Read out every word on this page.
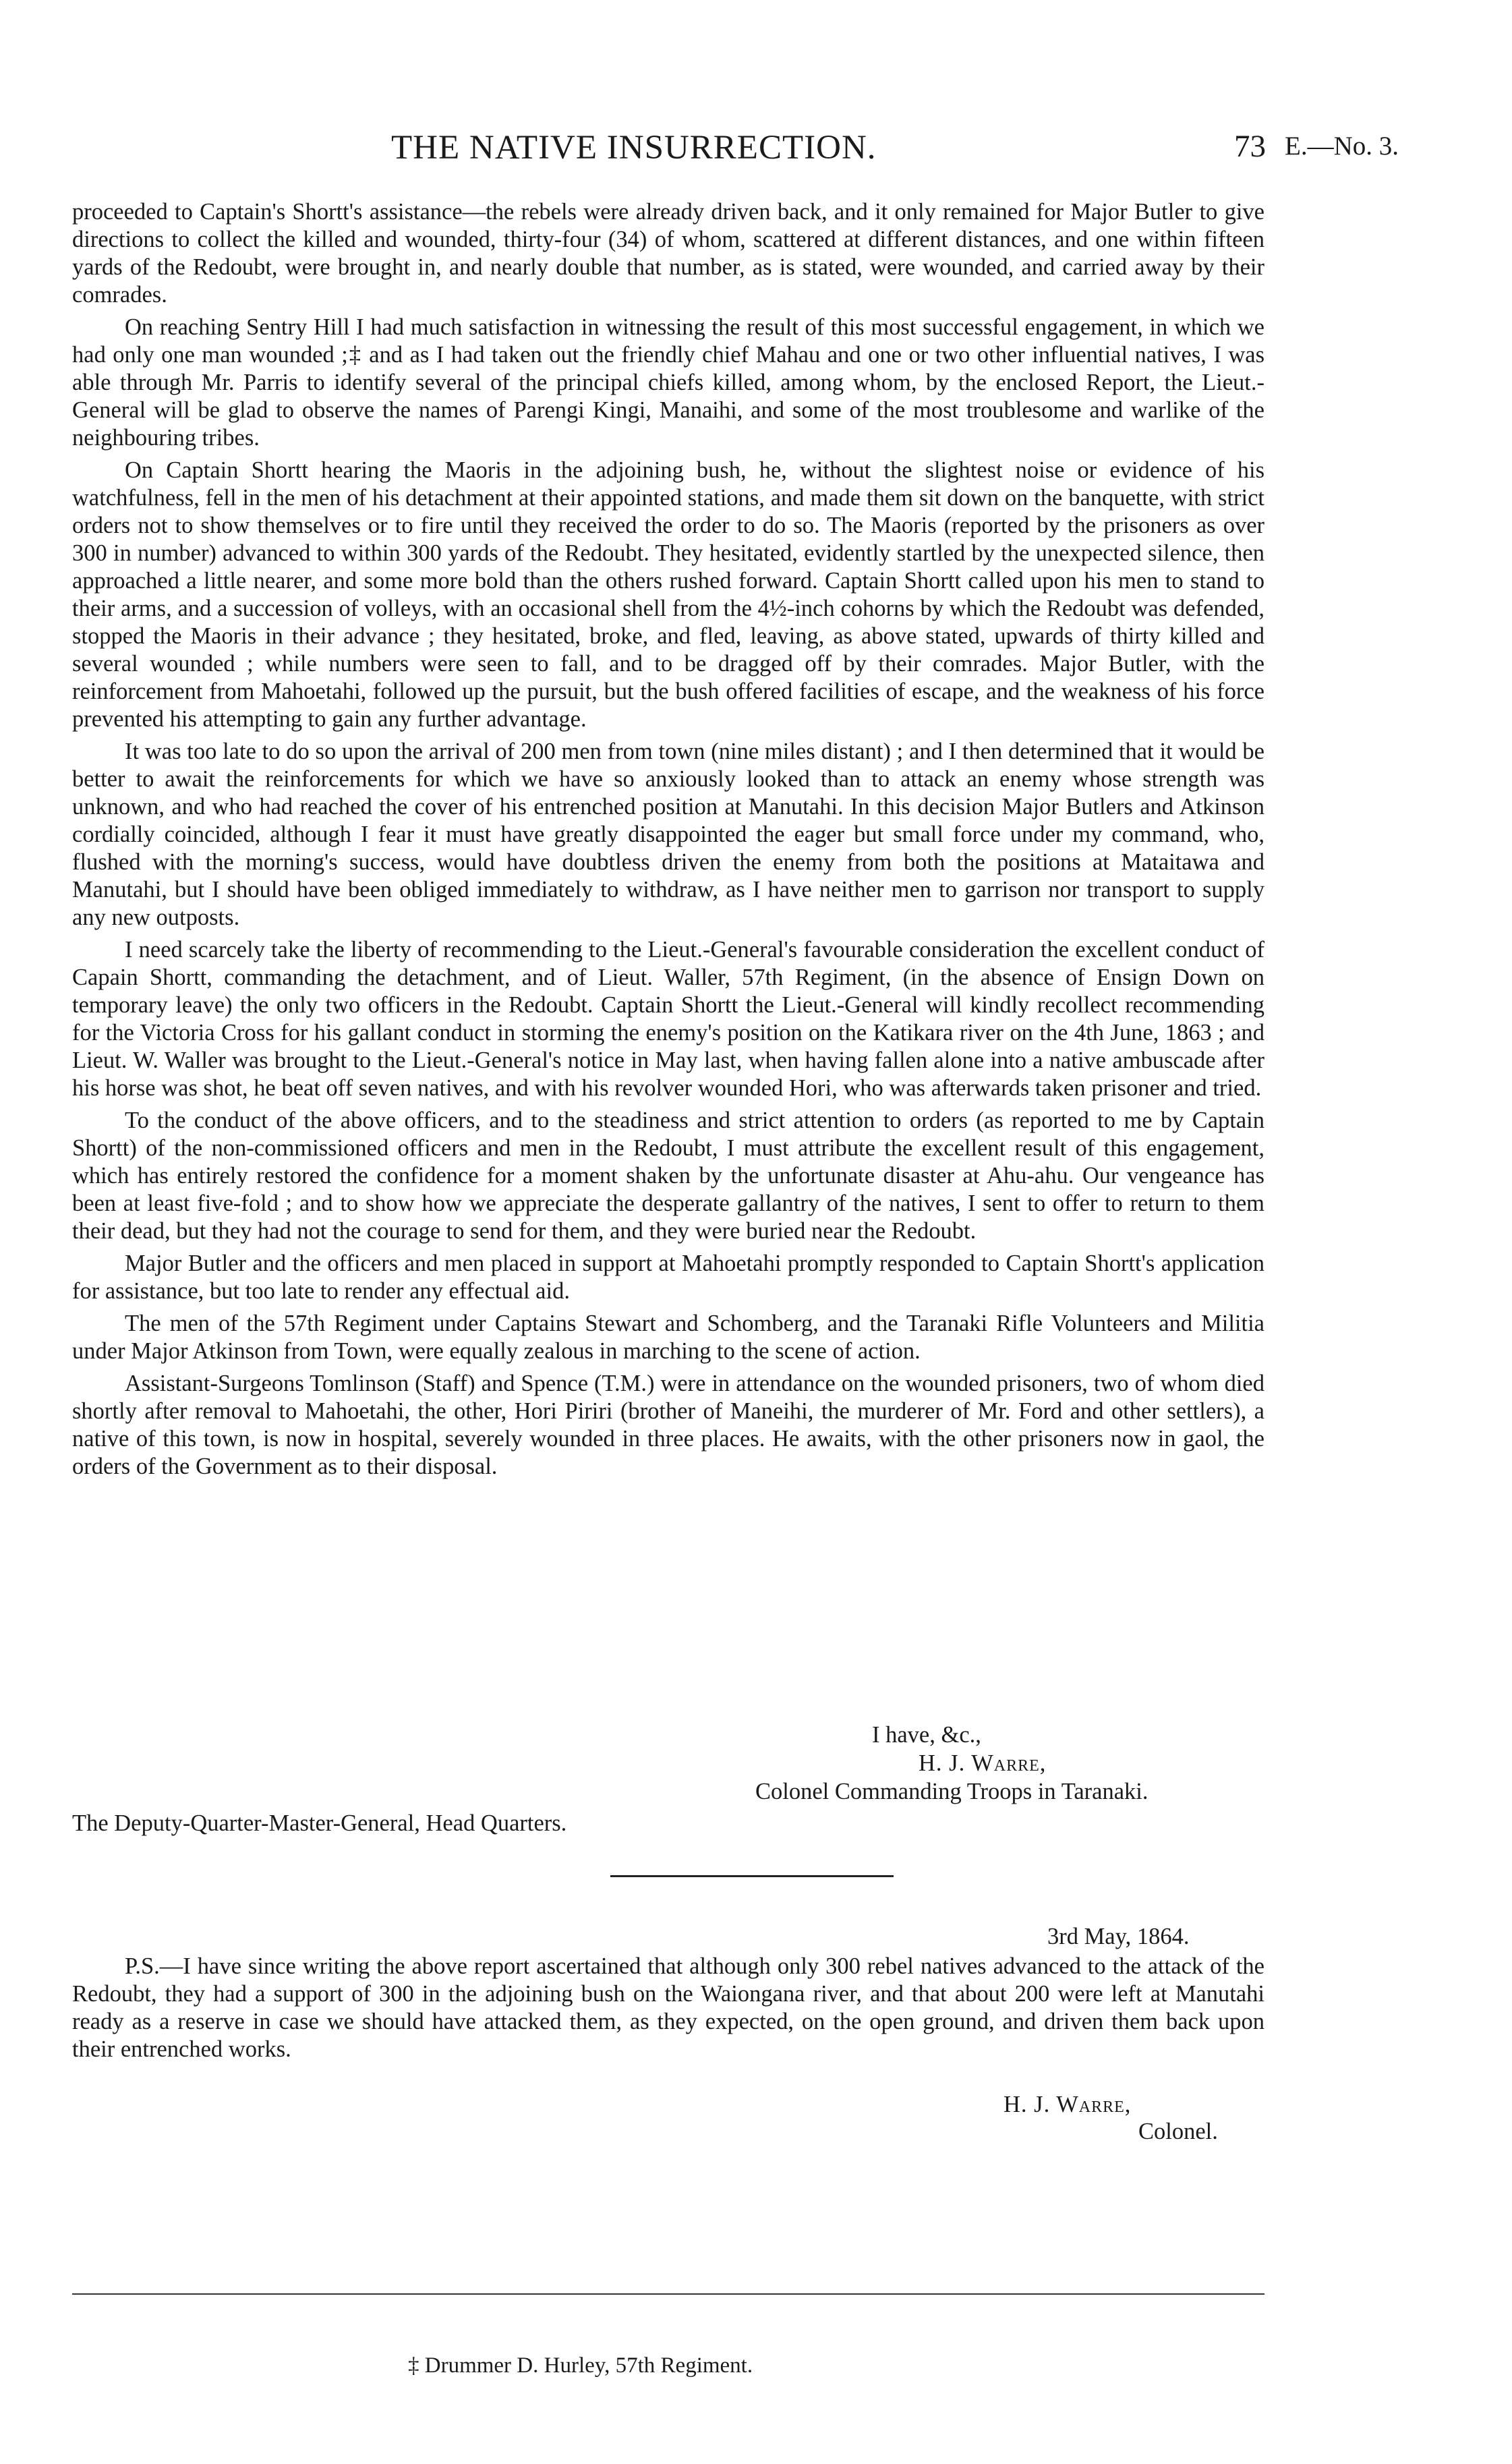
THE NATIVE INSURRECTION.	73 E.—No. 3.

proceeded to Captain's Shortt's assistance—the rebels were already driven back, and it only remained for Major Butler to give directions to collect the killed and wounded, thirty-four (34) of whom, scattered at different distances, and one within fifteen yards of the Redoubt, were brought in, and nearly double that number, as is stated, were wounded, and carried away by their comrades.

On reaching Sentry Hill I had much satisfaction in witnessing the result of this most successful engagement, in which we had only one man wounded ;‡ and as I had taken out the friendly chief Mahau and one or two other influential natives, I was able through Mr. Parris to identify several of the principal chiefs killed, among whom, by the enclosed Report, the Lieut.-General will be glad to observe the names of Parengi Kingi, Manaihi, and some of the most troublesome and warlike of the neighbouring tribes.

On Captain Shortt hearing the Maoris in the adjoining bush, he, without the slightest noise or evidence of his watchfulness, fell in the men of his detachment at their appointed stations, and made them sit down on the banquette, with strict orders not to show themselves or to fire until they received the order to do so. The Maoris (reported by the prisoners as over 300 in number) advanced to within 300 yards of the Redoubt. They hesitated, evidently startled by the unexpected silence, then approached a little nearer, and some more bold than the others rushed forward. Captain Shortt called upon his men to stand to their arms, and a succession of volleys, with an occasional shell from the 4½-inch cohorns by which the Redoubt was defended, stopped the Maoris in their advance ; they hesitated, broke, and fled, leaving, as above stated, upwards of thirty killed and several wounded ; while numbers were seen to fall, and to be dragged off by their comrades. Major Butler, with the reinforcement from Mahoetahi, followed up the pursuit, but the bush offered facilities of escape, and the weakness of his force prevented his attempting to gain any further advantage.

It was too late to do so upon the arrival of 200 men from town (nine miles distant) ; and I then determined that it would be better to await the reinforcements for which we have so anxiously looked than to attack an enemy whose strength was unknown, and who had reached the cover of his entrenched position at Manutahi. In this decision Major Butlers and Atkinson cordially coincided, although I fear it must have greatly disappointed the eager but small force under my command, who, flushed with the morning's success, would have doubtless driven the enemy from both the positions at Mataitawa and Manutahi, but I should have been obliged immediately to withdraw, as I have neither men to garrison nor transport to supply any new outposts.

I need scarcely take the liberty of recommending to the Lieut.-General's favourable consideration the excellent conduct of Capain Shortt, commanding the detachment, and of Lieut. Waller, 57th Regiment, (in the absence of Ensign Down on temporary leave) the only two officers in the Redoubt. Captain Shortt the Lieut.-General will kindly recollect recommending for the Victoria Cross for his gallant conduct in storming the enemy's position on the Katikara river on the 4th June, 1863 ; and Lieut. W. Waller was brought to the Lieut.-General's notice in May last, when having fallen alone into a native ambuscade after his horse was shot, he beat off seven natives, and with his revolver wounded Hori, who was afterwards taken prisoner and tried.

To the conduct of the above officers, and to the steadiness and strict attention to orders (as reported to me by Captain Shortt) of the non-commissioned officers and men in the Redoubt, I must attribute the excellent result of this engagement, which has entirely restored the confidence for a moment shaken by the unfortunate disaster at Ahu-ahu. Our vengeance has been at least five-fold ; and to show how we appreciate the desperate gallantry of the natives, I sent to offer to return to them their dead, but they had not the courage to send for them, and they were buried near the Redoubt.

Major Butler and the officers and men placed in support at Mahoetahi promptly responded to Captain Shortt's application for assistance, but too late to render any effectual aid.

The men of the 57th Regiment under Captains Stewart and Schomberg, and the Taranaki Rifle Volunteers and Militia under Major Atkinson from Town, were equally zealous in marching to the scene of action.

Assistant-Surgeons Tomlinson (Staff) and Spence (T.M.) were in attendance on the wounded prisoners, two of whom died shortly after removal to Mahoetahi, the other, Hori Piriri (brother of Maneihi, the murderer of Mr. Ford and other settlers), a native of this town, is now in hospital, severely wounded in three places. He awaits, with the other prisoners now in gaol, the orders of the Government as to their disposal.

I have, &c.,
H. J. Warre,
Colonel Commanding Troops in Taranaki.
The Deputy-Quarter-Master-General, Head Quarters.
3rd May, 1864.

P.S.—I have since writing the above report ascertained that although only 300 rebel natives advanced to the attack of the Redoubt, they had a support of 300 in the adjoining bush on the Waiongana river, and that about 200 were left at Manutahi ready as a reserve in case we should have attacked them, as they expected, on the open ground, and driven them back upon their entrenched works.

H. J. Warre,
Colonel.
‡ Drummer D. Hurley, 57th Regiment.
